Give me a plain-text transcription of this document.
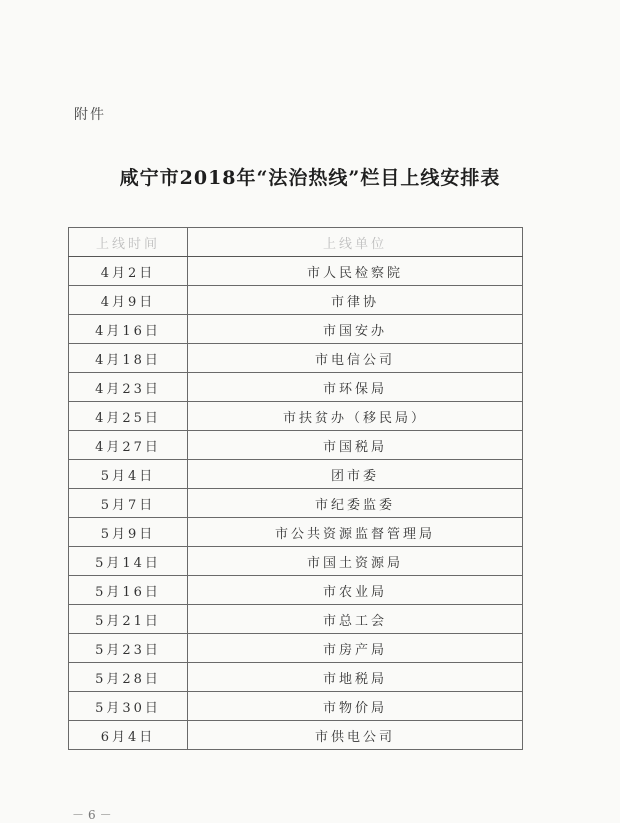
附件
咸宁市2018年“法治热线”栏目上线安排表
上线时间	上线单位
4月2日	市人民检察院
4月9日	市律协
4月16日	市国安办
4月18日	市电信公司
4月23日	市环保局
4月25日	市扶贫办（移民局）
4月27日	市国税局
5月4日	团市委
5月7日	市纪委监委
5月9日	市公共资源监督管理局
5月14日	市国土资源局
5月16日	市农业局
5月21日	市总工会
5月23日	市房产局
5月28日	市地税局
5月30日	市物价局
6月4日	市供电公司
－6－
